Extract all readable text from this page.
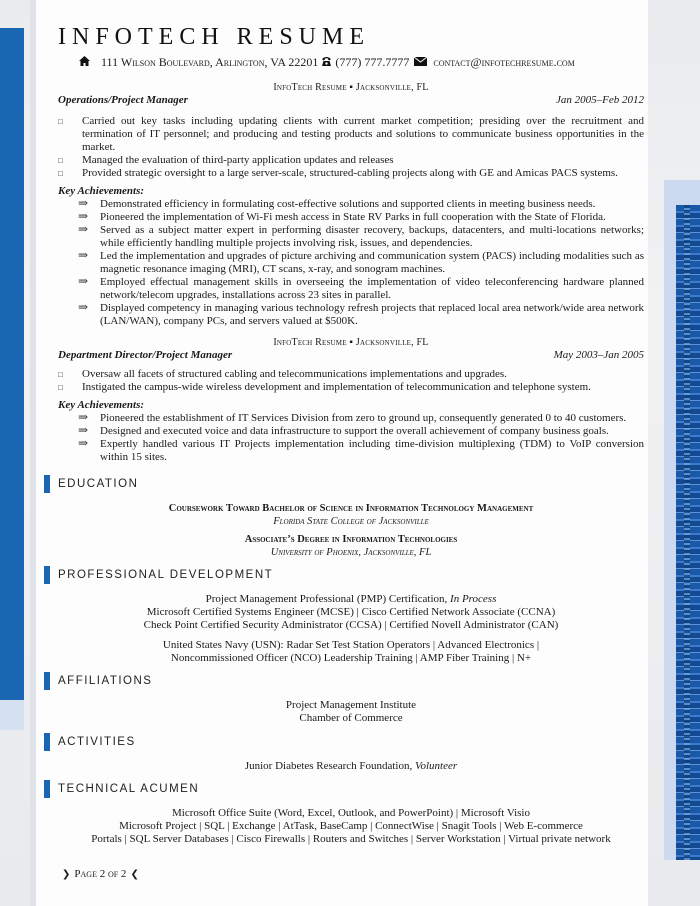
INFOTECH RESUME
111 Wilson Boulevard, Arlington, VA 22201 (777) 777.7777 contact@infotechresume.com
InfoTech Resume ▪ Jacksonville, FL
Operations/Project Manager	Jan 2005–Feb 2012
□ Carried out key tasks including updating clients with current market competition; presiding over the recruitment and termination of IT personnel; and producing and testing products and solutions to communicate business opportunities in the market.
□ Managed the evaluation of third-party application updates and releases
□ Provided strategic oversight to a large server-scale, structured-cabling projects along with GE and Amicas PACS systems.
Key Achievements:
⇒ Demonstrated efficiency in formulating cost-effective solutions and supported clients in meeting business needs.
⇒ Pioneered the implementation of Wi-Fi mesh access in State RV Parks in full cooperation with the State of Florida.
⇒ Served as a subject matter expert in performing disaster recovery, backups, datacenters, and multi-locations networks; while efficiently handling multiple projects involving risk, issues, and dependencies.
⇒ Led the implementation and upgrades of picture archiving and communication system (PACS) including modalities such as magnetic resonance imaging (MRI), CT scans, x-ray, and sonogram machines.
⇒ Employed effectual management skills in overseeing the implementation of video teleconferencing hardware planned network/telecom upgrades, installations across 23 sites in parallel.
⇒ Displayed competency in managing various technology refresh projects that replaced local area network/wide area network (LAN/WAN), company PCs, and servers valued at $500K.
InfoTech Resume ▪ Jacksonville, FL
Department Director/Project Manager	May 2003–Jan 2005
□ Oversaw all facets of structured cabling and telecommunications implementations and upgrades.
□ Instigated the campus-wide wireless development and implementation of telecommunication and telephone system.
Key Achievements:
⇒ Pioneered the establishment of IT Services Division from zero to ground up, consequently generated 0 to 40 customers.
⇒ Designed and executed voice and data infrastructure to support the overall achievement of company business goals.
⇒ Expertly handled various IT Projects implementation including time-division multiplexing (TDM) to VoIP conversion within 15 sites.
EDUCATION
Coursework Toward Bachelor of Science in Information Technology Management
Florida State College of Jacksonville
Associate’s Degree in Information Technologies
University of Phoenix, Jacksonville, FL
PROFESSIONAL DEVELOPMENT
Project Management Professional (PMP) Certification, In Process
Microsoft Certified Systems Engineer (MCSE) | Cisco Certified Network Associate (CCNA)
Check Point Certified Security Administrator (CCSA) | Certified Novell Administrator (CAN)
United States Navy (USN): Radar Set Test Station Operators | Advanced Electronics |
Noncommissioned Officer (NCO) Leadership Training | AMP Fiber Training | N+
AFFILIATIONS
Project Management Institute
Chamber of Commerce
ACTIVITIES
Junior Diabetes Research Foundation, Volunteer
TECHNICAL ACUMEN
Microsoft Office Suite (Word, Excel, Outlook, and PowerPoint) | Microsoft Visio
Microsoft Project | SQL | Exchange | AtTask, BaseCamp | ConnectWise | Snagit Tools | Web E-commerce
Portals | SQL Server Databases | Cisco Firewalls | Routers and Switches | Server Workstation | Virtual private network
❯ Page 2 of 2 ❮
